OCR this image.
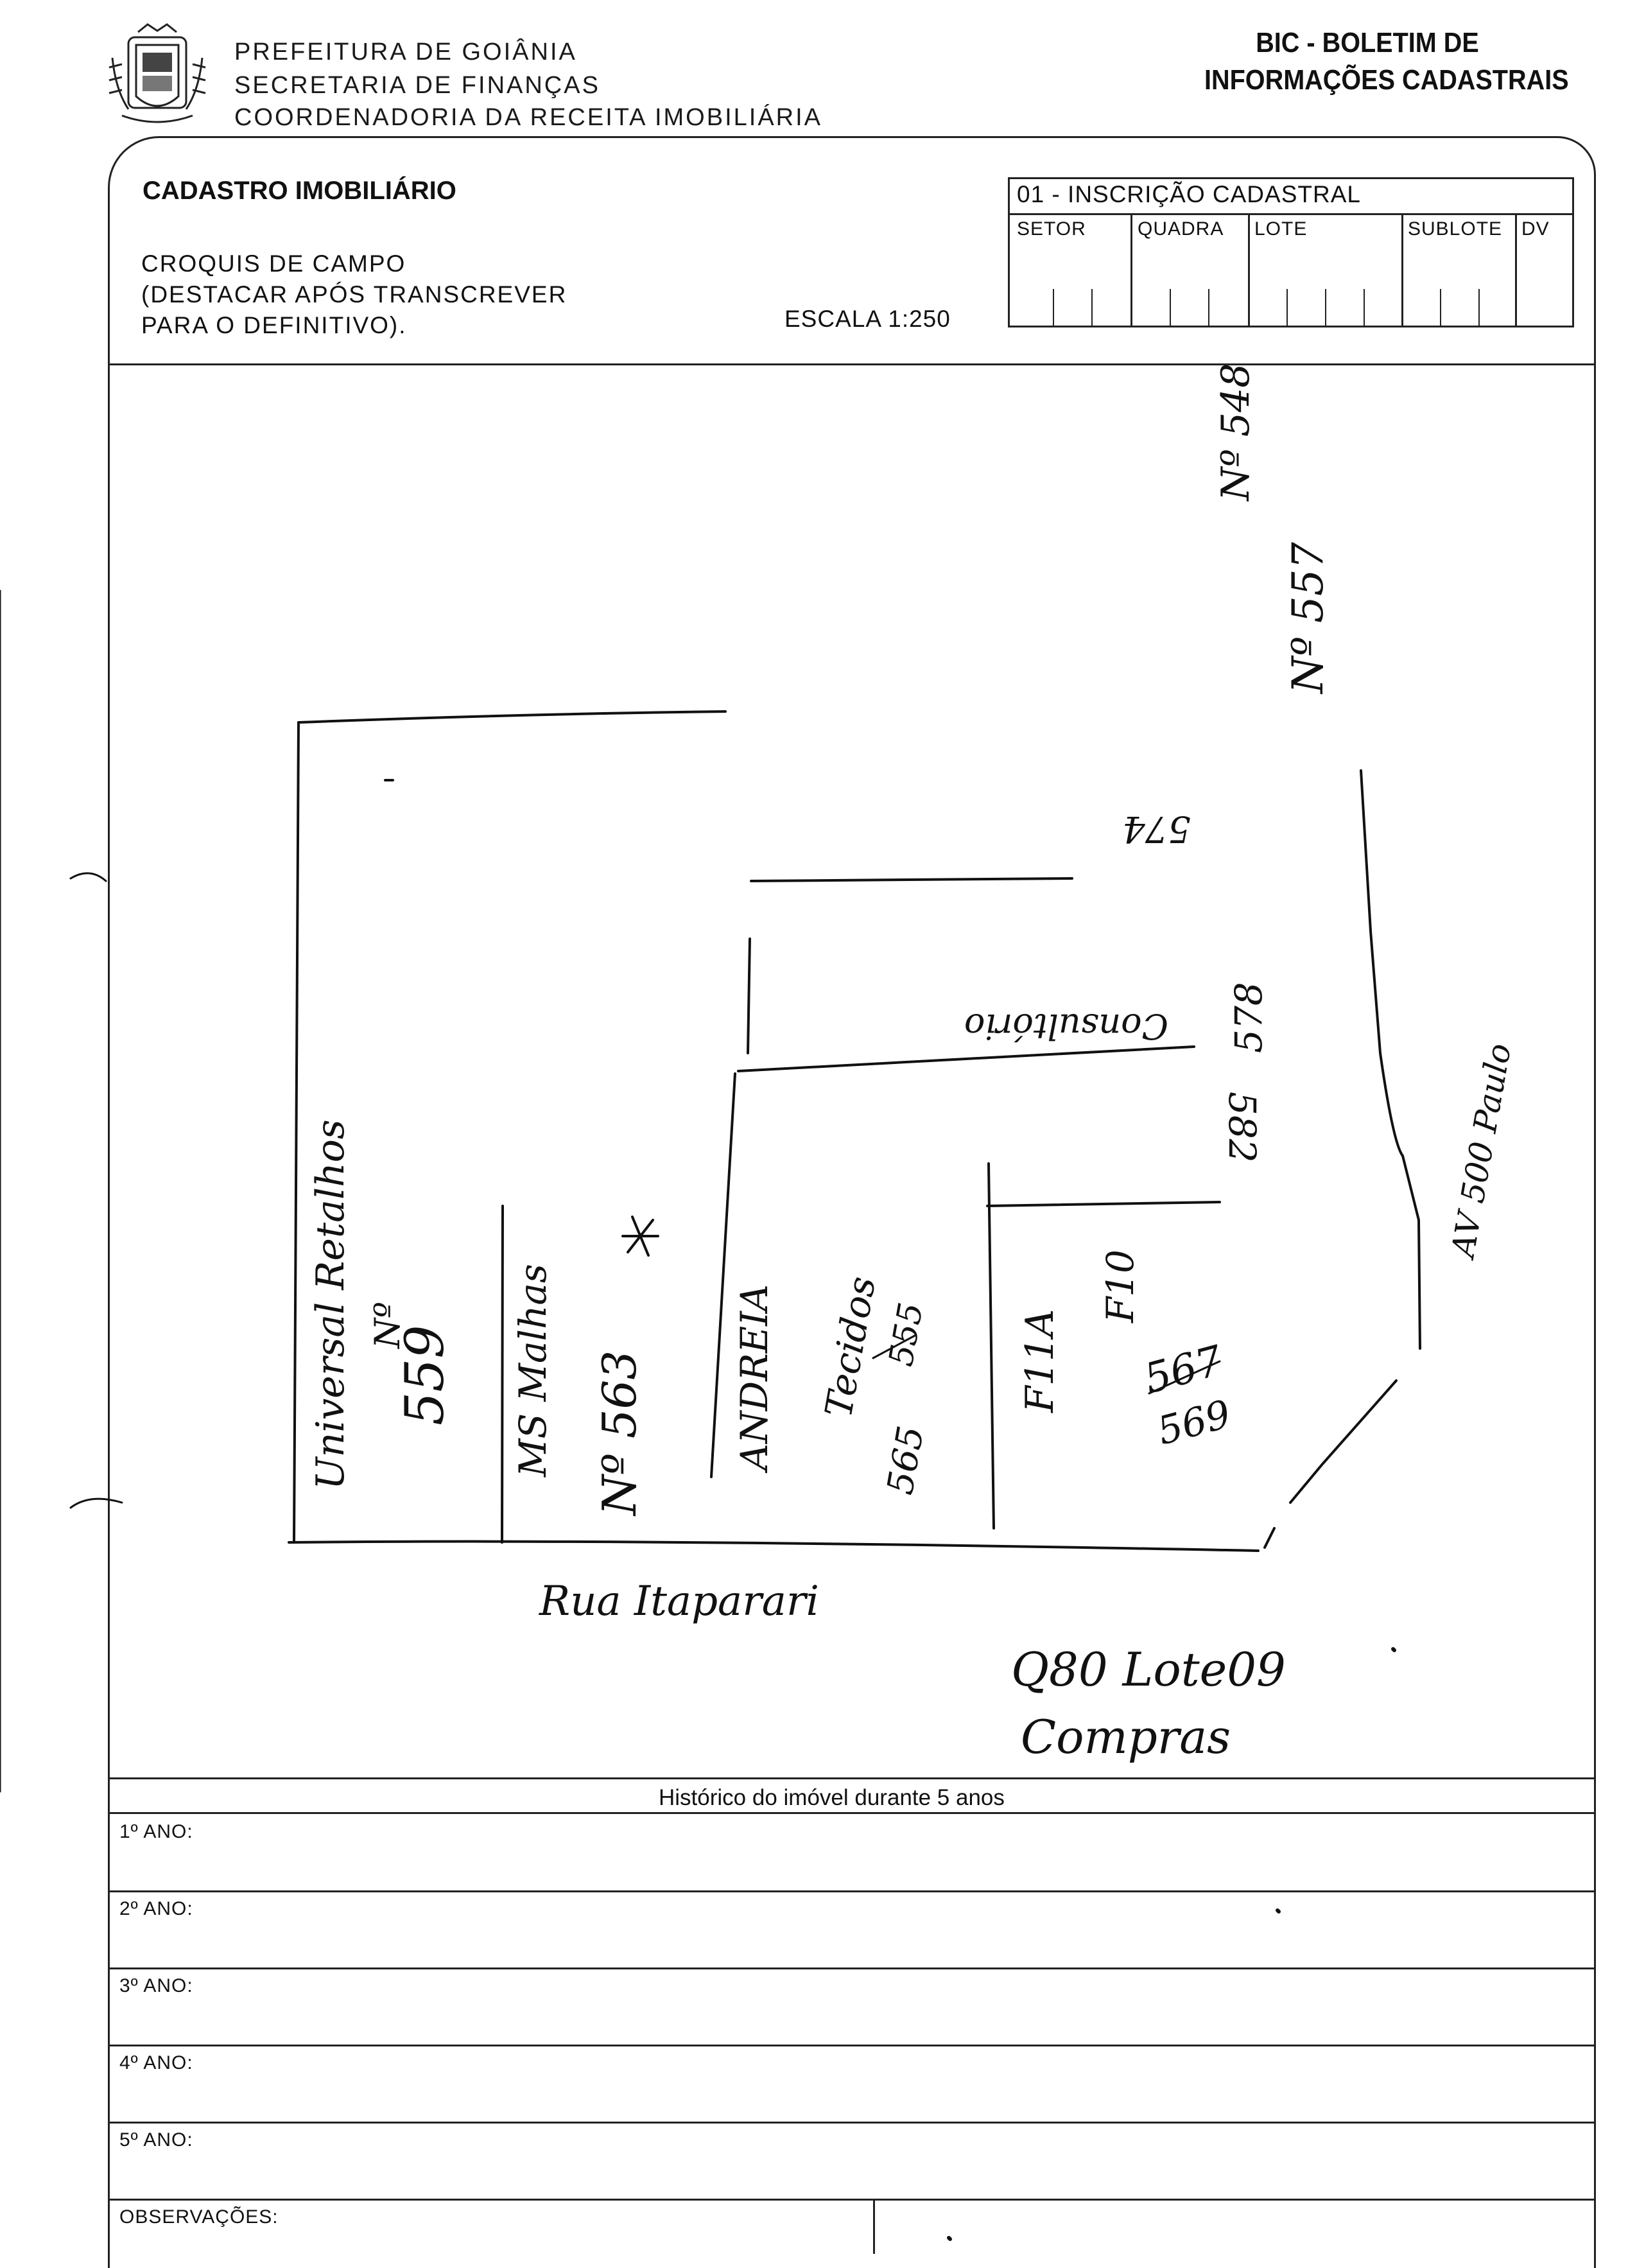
PREFEITURA DE GOIÂNIA
SECRETARIA DE FINANÇAS
COORDENADORIA DA RECEITA IMOBILIÁRIA
BIC - BOLETIM DE
INFORMAÇÕES CADASTRAIS
CADASTRO IMOBILIÁRIO
CROQUIS DE CAMPO
(DESTACAR APÓS TRANSCREVER
PARA O DEFINITIVO).	ESCALA 1:250
01 - INSCRIÇÃO CADASTRAL
SETOR	QUADRA LOTE	SUBLOTE DV
Histórico do imóvel durante 5 anos
1º ANO:
2º ANO:
3º ANO:
4º ANO:
5º ANO:
OBSERVAÇÕES:
Nº 548
Nº 557
574
Consultório 578
582	AV 500 Paulo
Universal Retalhos Nº
559 MS Malhas Nº 563 ANDREIA Tecidos
555
565
F11A
F10
567
569
Rua Itaparari
Q80 Lote09
Compras
